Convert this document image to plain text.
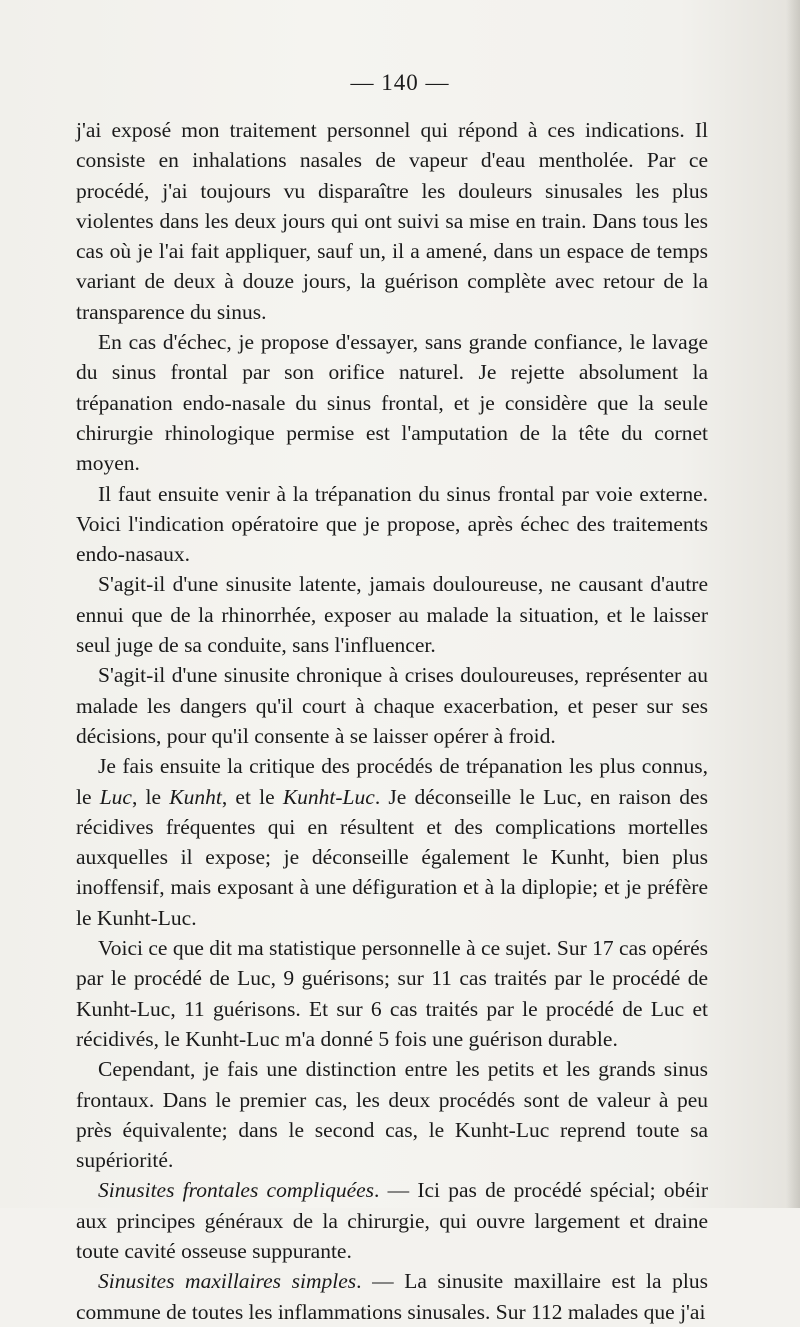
— 140 —

j'ai exposé mon traitement personnel qui répond à ces indications. Il consiste en inhalations nasales de vapeur d'eau mentholée. Par ce procédé, j'ai toujours vu disparaître les douleurs sinusales les plus violentes dans les deux jours qui ont suivi sa mise en train. Dans tous les cas où je l'ai fait appliquer, sauf un, il a amené, dans un espace de temps variant de deux à douze jours, la guérison complète avec retour de la transparence du sinus.

En cas d'échec, je propose d'essayer, sans grande confiance, le lavage du sinus frontal par son orifice naturel. Je rejette absolument la trépanation endo-nasale du sinus frontal, et je considère que la seule chirurgie rhinologique permise est l'amputation de la tête du cornet moyen.

Il faut ensuite venir à la trépanation du sinus frontal par voie externe. Voici l'indication opératoire que je propose, après échec des traitements endo-nasaux.

S'agit-il d'une sinusite latente, jamais douloureuse, ne causant d'autre ennui que de la rhinorrhée, exposer au malade la situation, et le laisser seul juge de sa conduite, sans l'influencer.

S'agit-il d'une sinusite chronique à crises douloureuses, représenter au malade les dangers qu'il court à chaque exacerbation, et peser sur ses décisions, pour qu'il consente à se laisser opérer à froid.

Je fais ensuite la critique des procédés de trépanation les plus connus, le Luc, le Kunht, et le Kunht-Luc. Je déconseille le Luc, en raison des récidives fréquentes qui en résultent et des complications mortelles auxquelles il expose; je déconseille également le Kunht, bien plus inoffensif, mais exposant à une défiguration et à la diplopie; et je préfère le Kunht-Luc.

Voici ce que dit ma statistique personnelle à ce sujet. Sur 17 cas opérés par le procédé de Luc, 9 guérisons; sur 11 cas traités par le procédé de Kunht-Luc, 11 guérisons. Et sur 6 cas traités par le procédé de Luc et récidivés, le Kunht-Luc m'a donné 5 fois une guérison durable.

Cependant, je fais une distinction entre les petits et les grands sinus frontaux. Dans le premier cas, les deux procédés sont de valeur à peu près équivalente; dans le second cas, le Kunht-Luc reprend toute sa supériorité.

Sinusites frontales compliquées. — Ici pas de procédé spécial; obéir aux principes généraux de la chirurgie, qui ouvre largement et draine toute cavité osseuse suppurante.

Sinusites maxillaires simples. — La sinusite maxillaire est la plus commune de toutes les inflammations sinusales. Sur 112 malades que j'ai
